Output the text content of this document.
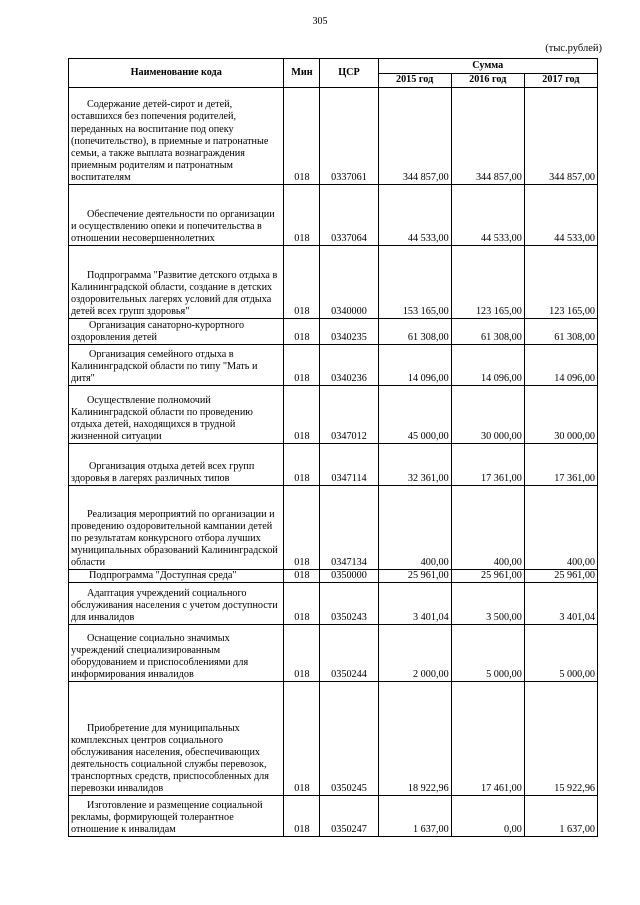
305
(тыс.рублей)
Наименование кода	Мин	ЦСР	Сумма		
			2015 год	2016 год	2017 год
Содержание детей-сирот и детей, оставшихся без попечения родителей, переданных на воспитание под опеку (попечительство), в приемные и патронатные семьи, а также выплата вознаграждения приемным родителям и патронатным воспитателям	018	0337061	344 857,00	344 857,00	344 857,00
Обеспечение деятельности по организации и осуществлению опеки и попечительства в отношении несовершеннолетних	018	0337064	44 533,00	44 533,00	44 533,00
Подпрограмма "Развитие детского отдыха в Калининградской области, создание в детских оздоровительных лагерях условий для отдыха детей всех групп здоровья"	018	0340000	153 165,00	123 165,00	123 165,00
Организация санаторно-курортного оздоровления детей	018	0340235	61 308,00	61 308,00	61 308,00
Организация семейного отдыха в Калининградской области по типу "Мать и дитя"	018	0340236	14 096,00	14 096,00	14 096,00
Осуществление полномочий Калининградской области по проведению отдыха детей, находящихся в трудной жизненной ситуации	018	0347012	45 000,00	30 000,00	30 000,00
Организация отдыха детей всех групп здоровья в лагерях различных типов	018	0347114	32 361,00	17 361,00	17 361,00
Реализация мероприятий по организации и проведению оздоровительной кампании детей по результатам конкурсного отбора лучших муниципальных образований Калининградской области	018	0347134	400,00	400,00	400,00
Подпрограмма "Доступная среда"	018	0350000	25 961,00	25 961,00	25 961,00
Адаптация учреждений социального обслуживания населения с учетом доступности для инвалидов	018	0350243	3 401,04	3 500,00	3 401,04
Оснащение социально значимых учреждений специализированным оборудованием и приспособлениями для информирования инвалидов	018	0350244	2 000,00	5 000,00	5 000,00
Приобретение для муниципальных комплексных центров социального обслуживания населения, обеспечивающих деятельность социальной службы перевозок, транспортных средств, приспособленных для перевозки инвалидов	018	0350245	18 922,96	17 461,00	15 922,96
Изготовление и размещение социальной рекламы, формирующей толерантное отношение к инвалидам	018	0350247	1 637,00	0,00	1 637,00
